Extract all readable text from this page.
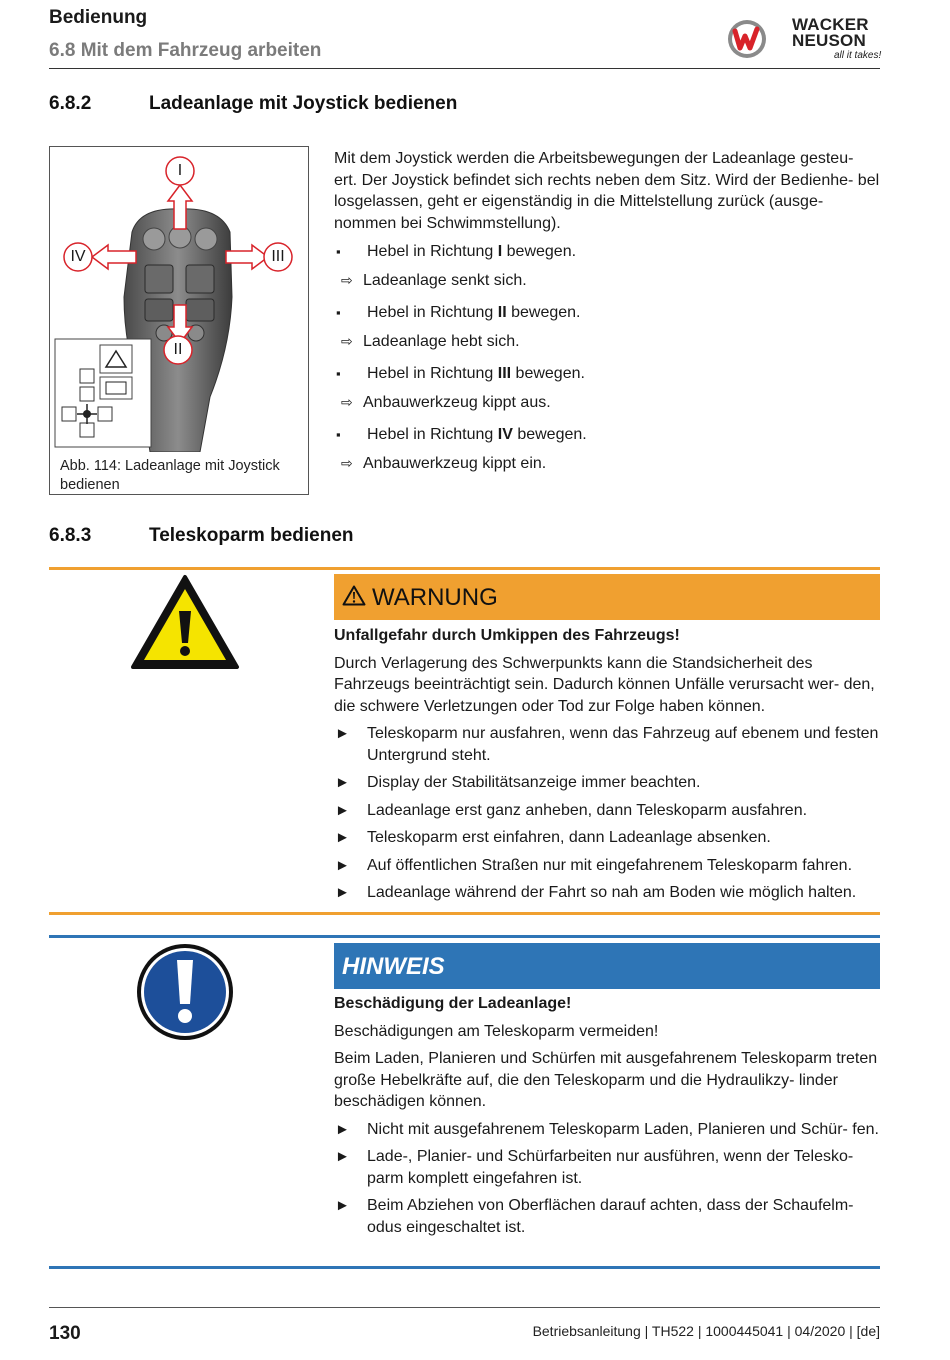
Bedienung
6.8 Mit dem Fahrzeug arbeiten
WACKER
NEUSON
all it takes!
6.8.2	Ladeanlage mit Joystick bedienen
I
II
III
IV
Abb. 114: Ladeanlage mit Joystick bedienen
Mit dem Joystick werden die Arbeitsbewegungen der Ladeanlage gesteu- ert. Der Joystick befindet sich rechts neben dem Sitz. Wird der Bedienhe- bel losgelassen, geht er eigenständig in die Mittelstellung zurück (ausge- nommen bei Schwimmstellung).
▪ Hebel in Richtung I bewegen.
⇨ Ladeanlage senkt sich.
▪ Hebel in Richtung II bewegen.
⇨ Ladeanlage hebt sich.
▪ Hebel in Richtung III bewegen.
⇨ Anbauwerkzeug kippt aus.
▪ Hebel in Richtung IV bewegen.
⇨ Anbauwerkzeug kippt ein.
6.8.3	Teleskoparm bedienen
WARNUNG
Unfallgefahr durch Umkippen des Fahrzeugs!
Durch Verlagerung des Schwerpunkts kann die Standsicherheit des Fahrzeugs beeinträchtigt sein. Dadurch können Unfälle verursacht wer- den, die schwere Verletzungen oder Tod zur Folge haben können.
► Teleskoparm nur ausfahren, wenn das Fahrzeug auf ebenem und festen Untergrund steht.
► Display der Stabilitätsanzeige immer beachten.
► Ladeanlage erst ganz anheben, dann Teleskoparm ausfahren.
► Teleskoparm erst einfahren, dann Ladeanlage absenken.
► Auf öffentlichen Straßen nur mit eingefahrenem Teleskoparm fahren.
► Ladeanlage während der Fahrt so nah am Boden wie möglich halten.
HINWEIS
Beschädigung der Ladeanlage!
Beschädigungen am Teleskoparm vermeiden!
Beim Laden, Planieren und Schürfen mit ausgefahrenem Teleskoparm treten große Hebelkräfte auf, die den Teleskoparm und die Hydraulikzy- linder beschädigen können.
► Nicht mit ausgefahrenem Teleskoparm Laden, Planieren und Schür- fen.
► Lade-, Planier- und Schürfarbeiten nur ausführen, wenn der Telesko- parm komplett eingefahren ist.
► Beim Abziehen von Oberflächen darauf achten, dass der Schaufelm- odus eingeschaltet ist.
130	Betriebsanleitung | TH522 | 1000445041 | 04/2020 | [de]
